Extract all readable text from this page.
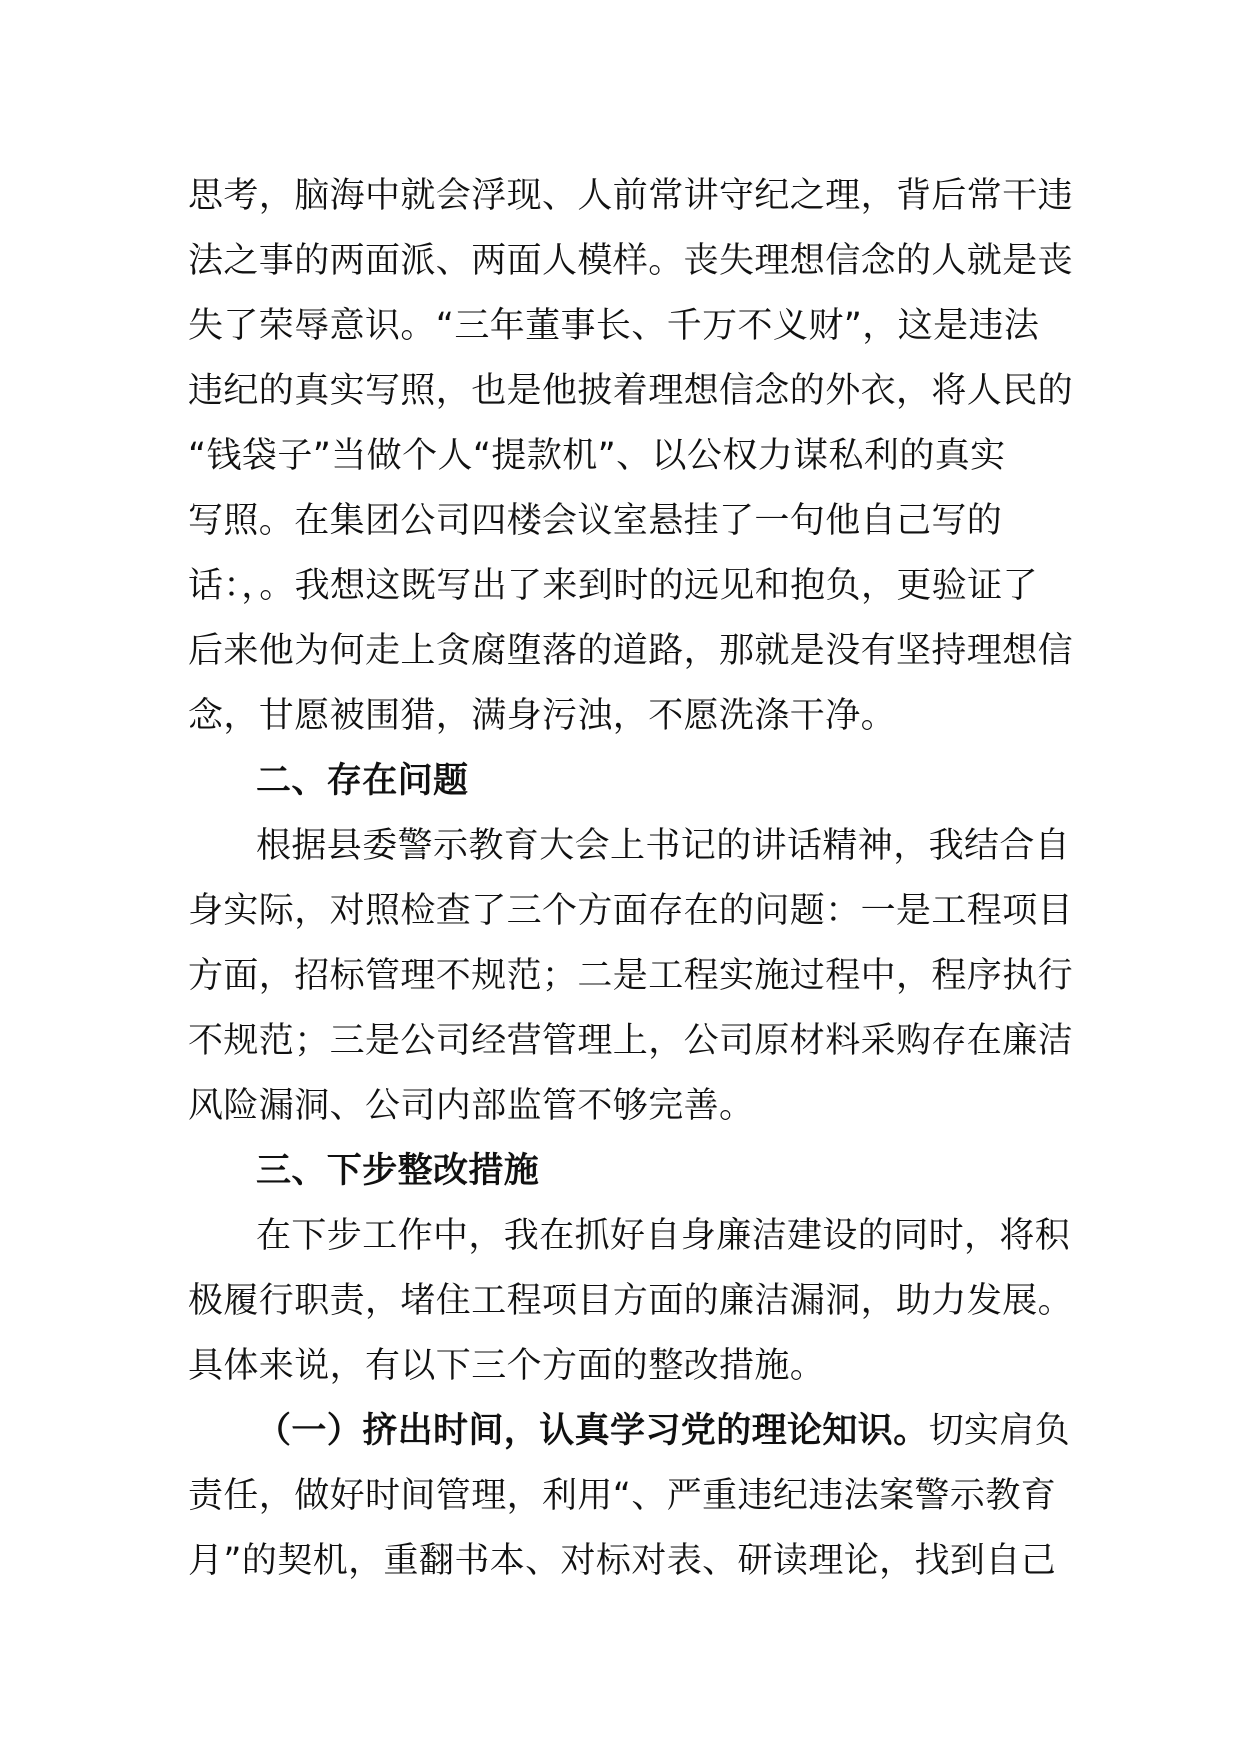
思考，脑海中就会浮现、人前常讲守纪之理，背后常干违
法之事的两面派、两面人模样。丧失理想信念的人就是丧
失了荣辱意识。“三年董事长、千万不义财”，这是违法
违纪的真实写照，也是他披着理想信念的外衣，将人民的
“钱袋子”当做个人“提款机”、以公权力谋私利的真实
写照。在集团公司四楼会议室悬挂了一句他自己写的
话：，。我想这既写出了来到时的远见和抱负，更验证了
后来他为何走上贪腐堕落的道路，那就是没有坚持理想信
念，甘愿被围猎，满身污浊，不愿洗涤干净。
二、存在问题
根据县委警示教育大会上书记的讲话精神，我结合自
身实际，对照检查了三个方面存在的问题：一是工程项目
方面，招标管理不规范；二是工程实施过程中，程序执行
不规范；三是公司经营管理上，公司原材料采购存在廉洁
风险漏洞、公司内部监管不够完善。
三、下步整改措施
在下步工作中，我在抓好自身廉洁建设的同时，将积
极履行职责，堵住工程项目方面的廉洁漏洞，助力发展。
具体来说，有以下三个方面的整改措施。
（一）挤出时间，认真学习党的理论知识。切实肩负
责任，做好时间管理，利用“、严重违纪违法案警示教育
月”的契机，重翻书本、对标对表、研读理论，找到自己
